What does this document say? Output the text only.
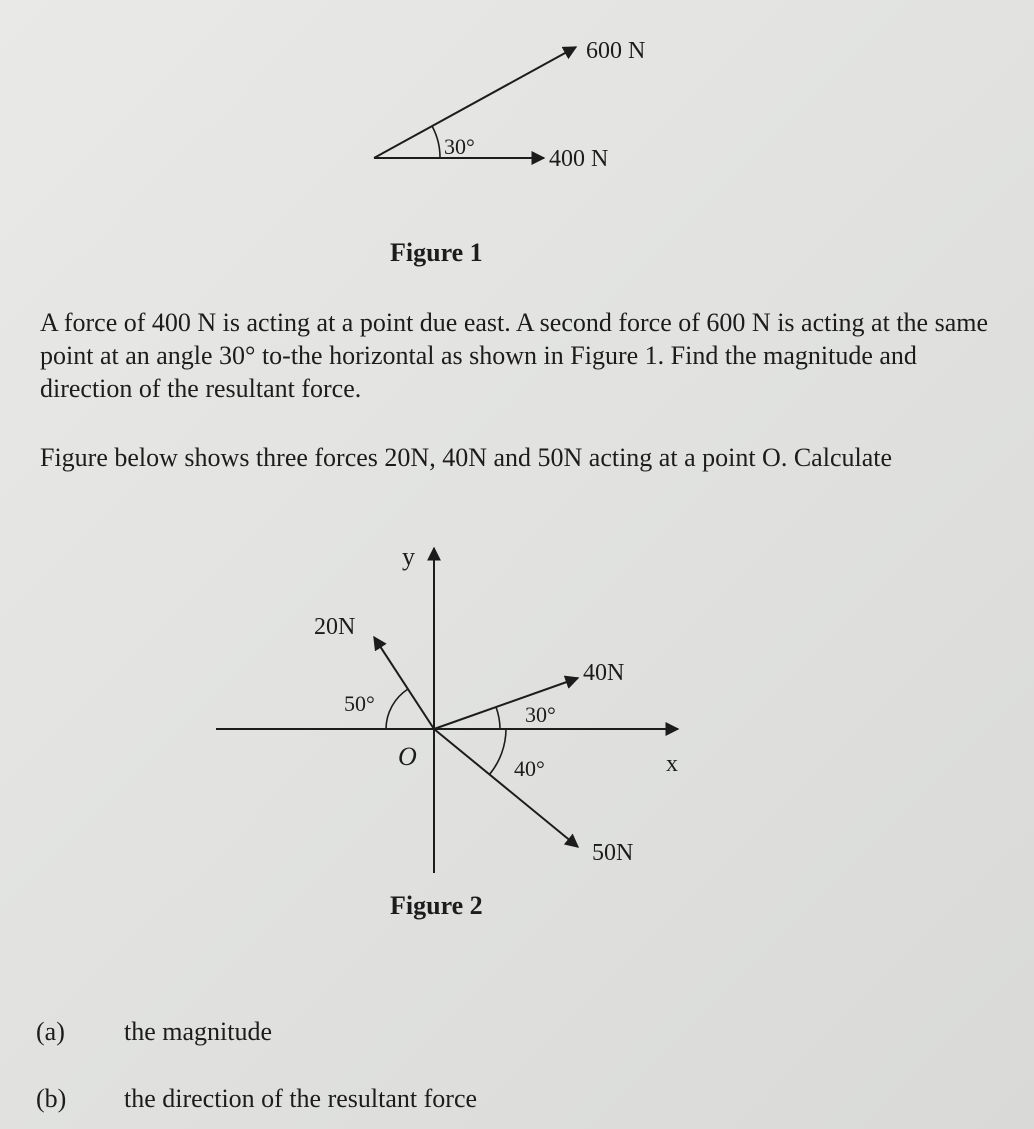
600 N
400 N
30°
Figure 1

A force of 400 N is acting at a point due east. A second force of 600 N is acting at the same point at an angle 30° to-the horizontal as shown in Figure 1. Find the magnitude and direction of the resultant force.

Figure below shows three forces 20N, 40N and 50N acting at a point O. Calculate

y
x
O
20N
40N
50N
50°	30°
40°
Figure 2
(a) the magnitude
(b) the direction of the resultant force
